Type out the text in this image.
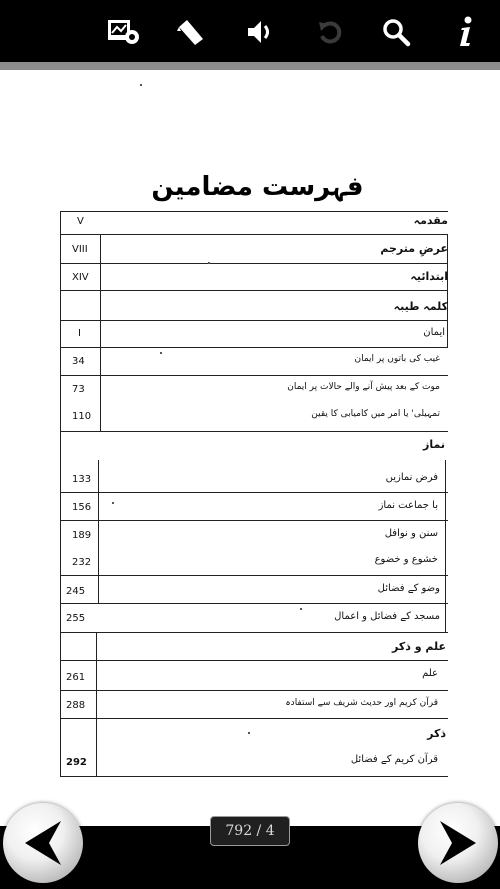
فہرست مضامین
V	مقدمہ
VIII	عرضِ مترجم
XIV	ابتدائیہ
کلمہ طیبہ
I	ایمان
34	غیب کی باتوں پر ایمان
73	موت کے بعد پیش آنے والے حالات پر ایمان
110	تمہیلی' یا امر میں کامیابی کا یقین
نماز
133	فرض نمازیں
156	با جماعت نماز
189	سنن و نوافل
232	خشوع و خضوع
245	وضو کے فضائل
255	مسجد کے فضائل و اعمال
علم و ذکر
261	علم
288	قرآن کریم اور حدیث شریف سے استفادہ
ذکر
292	قرآن کریم کے فضائل
792 / 4
